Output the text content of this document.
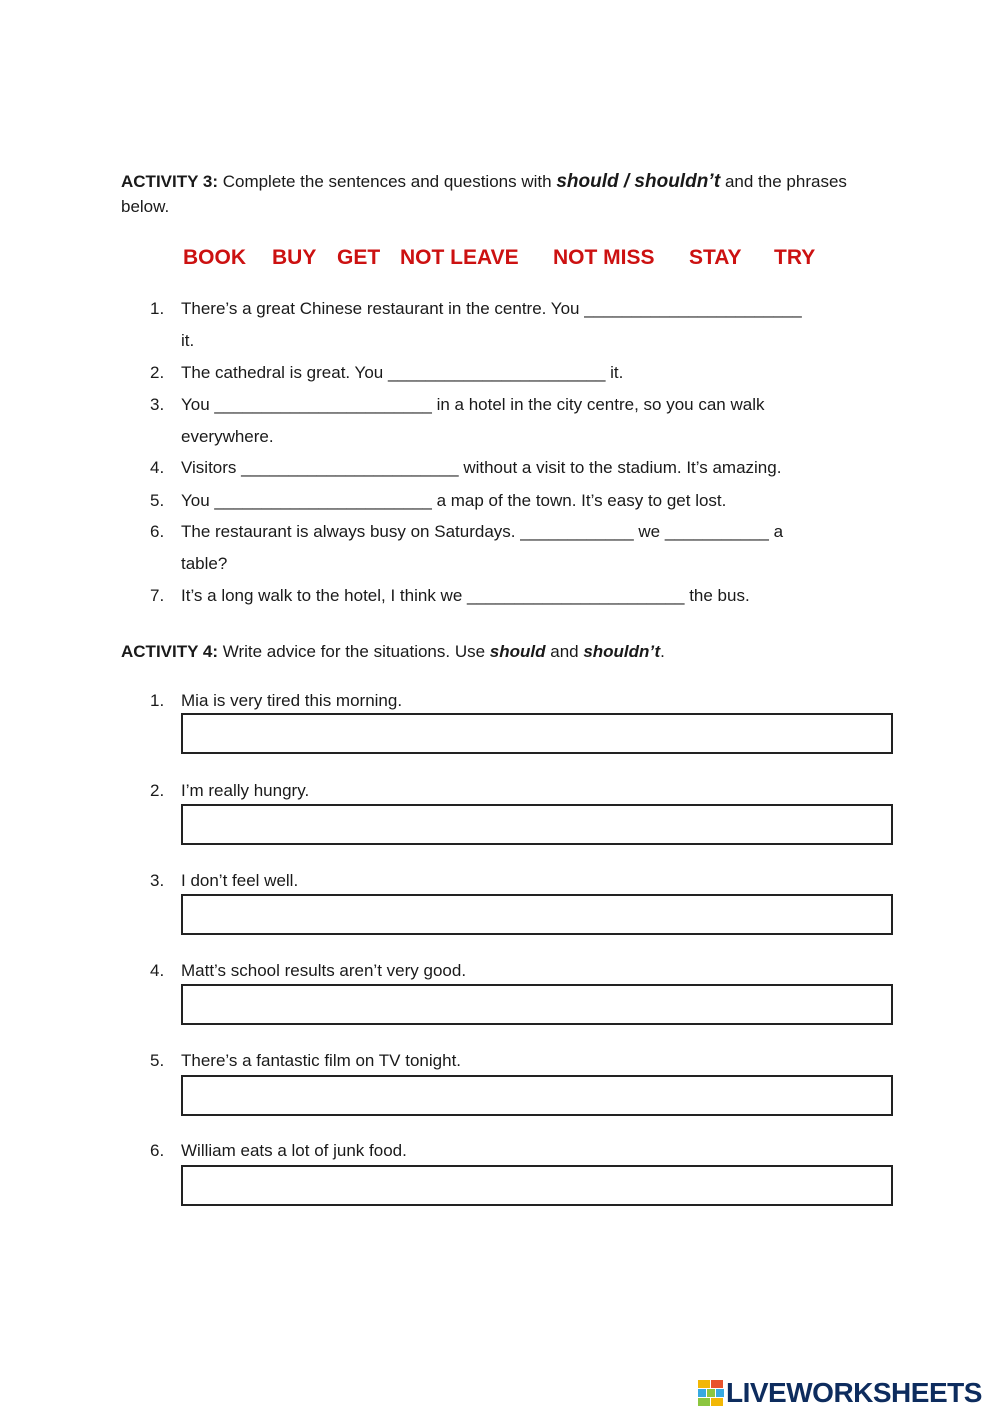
ACTIVITY 3: Complete the sentences and questions with should / shouldn’t and the phrases below.
BOOK BUY GET NOT LEAVE NOT MISS STAY TRY
1. There’s a great Chinese restaurant in the centre. You _______________________
it.
2. The cathedral is great. You _______________________ it.
3. You _______________________ in a hotel in the city centre, so you can walk
everywhere.
4. Visitors _______________________ without a visit to the stadium. It’s amazing.
5. You _______________________ a map of the town. It’s easy to get lost.
6. The restaurant is always busy on Saturdays. ____________ we ___________ a
table?
7. It’s a long walk to the hotel, I think we _______________________ the bus.
ACTIVITY 4: Write advice for the situations. Use should and shouldn’t.
1. Mia is very tired this morning.
2. I’m really hungry.
3. I don’t feel well.
4. Matt’s school results aren’t very good.
5. There’s a fantastic film on TV tonight.
6. William eats a lot of junk food.
LIVEWORKSHEETS
